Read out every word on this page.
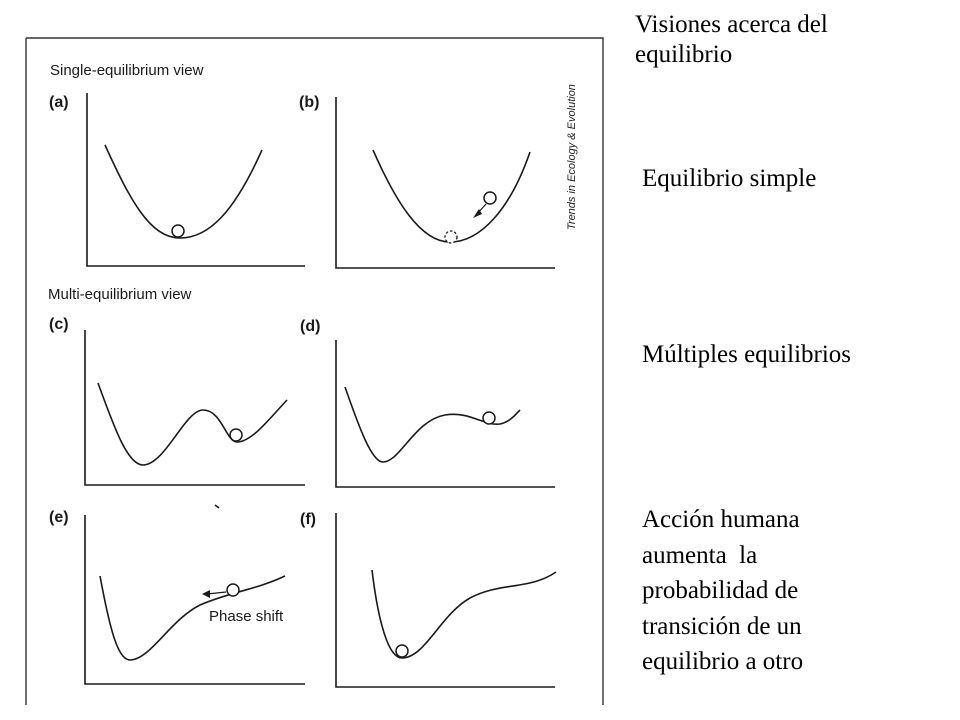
Single-equilibrium view
Multi-equilibrium view
(a)	(b)
(c)	(d)
(e)	(f)
Phase shift
Trends in Ecology & Evolution
Visiones acerca del
equilibrio
Equilibrio simple
Múltiples equilibrios
Acción humana
aumenta  la
probabilidad de
transición de un
equilibrio a otro
